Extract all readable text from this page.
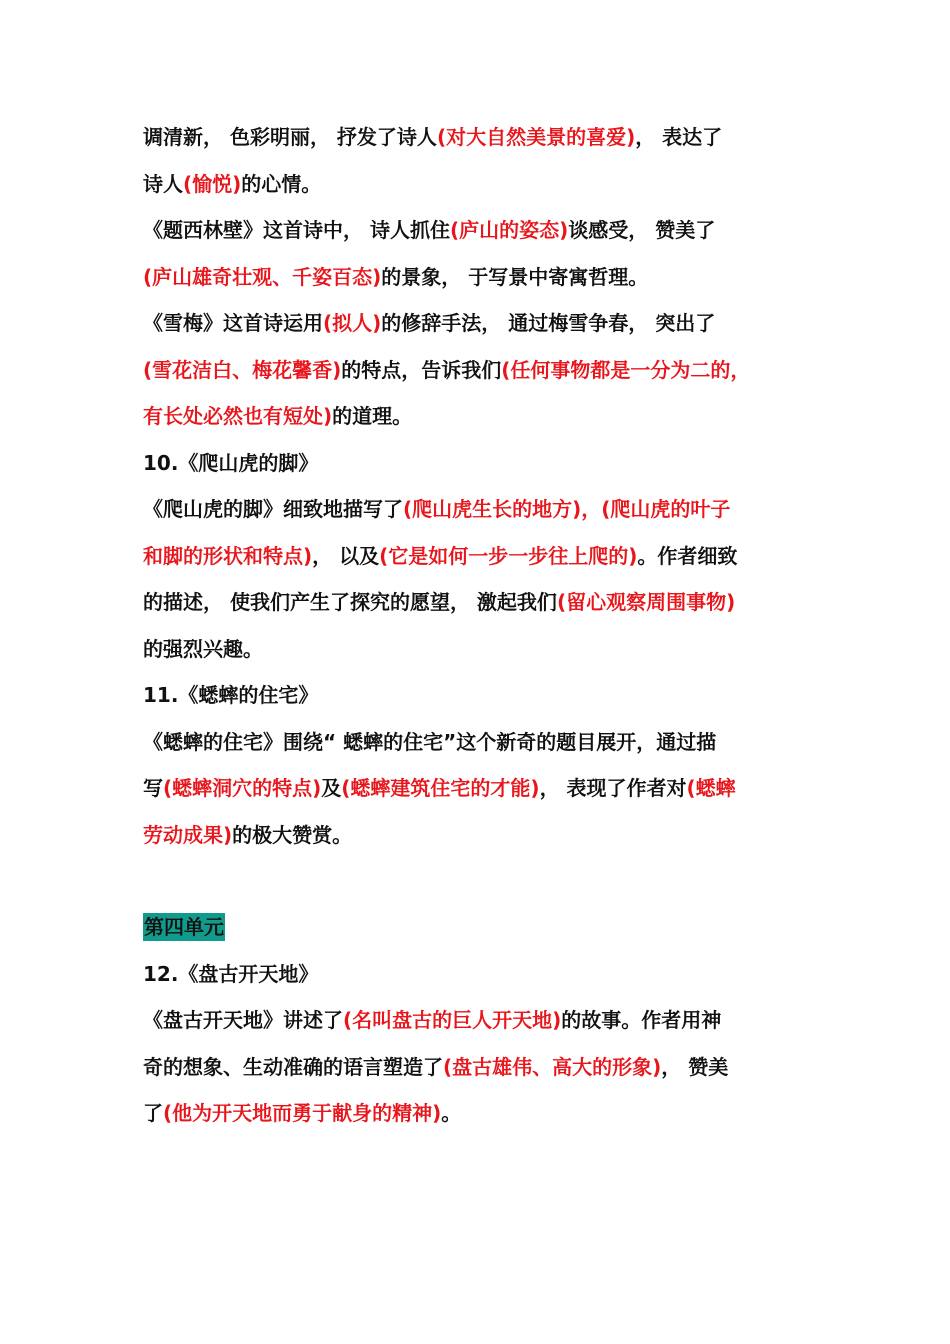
调清新， 色彩明丽， 抒发了诗人(对大自然美景的喜爱)， 表达了
诗人(愉悦)的心情。
《题西林壁》这首诗中， 诗人抓住(庐山的姿态)谈感受， 赞美了
(庐山雄奇壮观、千姿百态)的景象， 于写景中寄寓哲理。
《雪梅》这首诗运用(拟人)的修辞手法， 通过梅雪争春， 突出了
(雪花洁白、梅花馨香)的特点，告诉我们(任何事物都是一分为二的，
有长处必然也有短处)的道理。
10.《爬山虎的脚》
《爬山虎的脚》细致地描写了(爬山虎生长的地方)，(爬山虎的叶子
和脚的形状和特点)， 以及(它是如何一步一步往上爬的)。作者细致
的描述， 使我们产生了探究的愿望， 激起我们(留心观察周围事物)
的强烈兴趣。
11.《蟋蟀的住宅》
《蟋蟀的住宅》围绕“ 蟋蟀的住宅”这个新奇的题目展开，通过描
写(蟋蟀洞穴的特点)及(蟋蟀建筑住宅的才能)， 表现了作者对(蟋蟀
劳动成果)的极大赞赏。
第四单元
12.《盘古开天地》
《盘古开天地》讲述了(名叫盘古的巨人开天地)的故事。作者用神
奇的想象、生动准确的语言塑造了(盘古雄伟、高大的形象)， 赞美
了(他为开天地而勇于献身的精神)。
